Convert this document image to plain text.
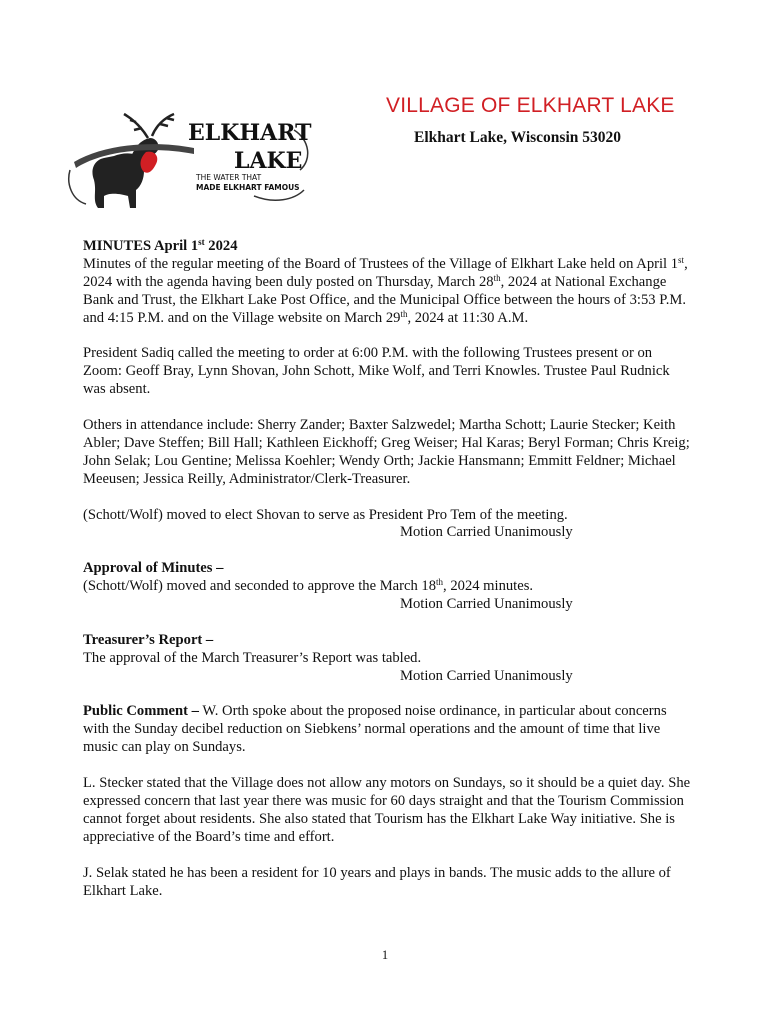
ELKHART
LAKE
THE WATER THAT
MADE ELKHART FAMOUS
VILLAGE OF ELKHART LAKE
Elkhart Lake, Wisconsin 53020

MINUTES April 1st 2024

Minutes of the regular meeting of the Board of Trustees of the Village of Elkhart Lake held on April 1st, 2024 with the agenda having been duly posted on Thursday, March 28th, 2024 at National Exchange Bank and Trust, the Elkhart Lake Post Office, and the Municipal Office between the hours of 3:53 P.M. and 4:15 P.M. and on the Village website on March 29th, 2024 at 11:30 A.M.

President Sadiq called the meeting to order at 6:00 P.M. with the following Trustees present or on Zoom: Geoff Bray, Lynn Shovan, John Schott, Mike Wolf, and Terri Knowles. Trustee Paul Rudnick was absent.

Others in attendance include: Sherry Zander; Baxter Salzwedel; Martha Schott; Laurie Stecker; Keith Abler; Dave Steffen; Bill Hall; Kathleen Eickhoff; Greg Weiser; Hal Karas; Beryl Forman; Chris Kreig; John Selak; Lou Gentine; Melissa Koehler; Wendy Orth; Jackie Hansmann; Emmitt Feldner; Michael Meeusen; Jessica Reilly, Administrator/Clerk-Treasurer.

(Schott/Wolf) moved to elect Shovan to serve as President Pro Tem of the meeting.
Motion Carried Unanimously

Approval of Minutes –
(Schott/Wolf) moved and seconded to approve the March 18th, 2024 minutes.
Motion Carried Unanimously

Treasurer’s Report –
The approval of the March Treasurer’s Report was tabled.
Motion Carried Unanimously

Public Comment – W. Orth spoke about the proposed noise ordinance, in particular about concerns with the Sunday decibel reduction on Siebkens’ normal operations and the amount of time that live music can play on Sundays.

L. Stecker stated that the Village does not allow any motors on Sundays, so it should be a quiet day. She expressed concern that last year there was music for 60 days straight and that the Tourism Commission cannot forget about residents. She also stated that Tourism has the Elkhart Lake Way initiative. She is appreciative of the Board’s time and effort.

J. Selak stated he has been a resident for 10 years and plays in bands. The music adds to the allure of Elkhart Lake.

1
